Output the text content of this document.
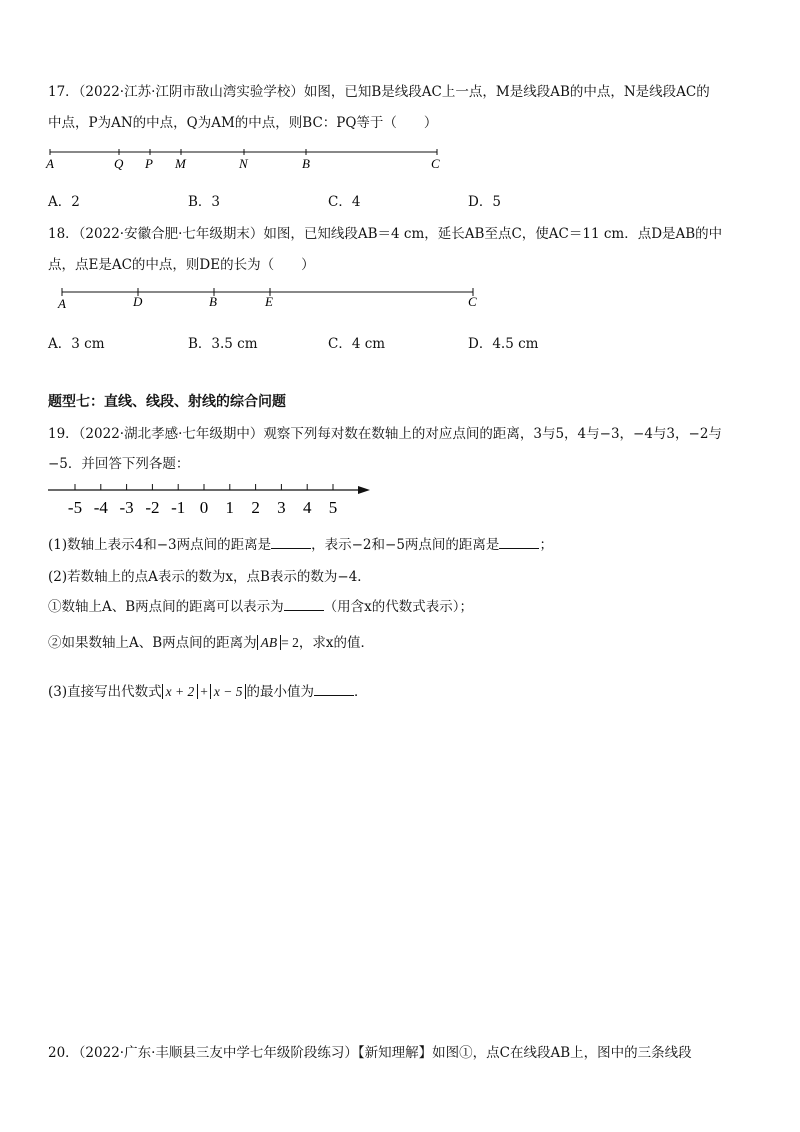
17．（2022·江苏·江阴市敔山湾实验学校）如图，已知B是线段AC上一点，M是线段AB的中点，N是线段AC的
中点，P为AN的中点，Q为AM的中点，则BC：PQ等于（　　）
A	Q P M	N	B	C
A．2	B．3	C．4	D．5
18．（2022·安徽合肥·七年级期末）如图，已知线段AB＝4 cm，延长AB至点C，使AC＝11 cm．点D是AB的中
点，点E是AC的中点，则DE的长为（　　）
A	D	B	E	C
A．3 cm	B．3.5 cm	C．4 cm	D．4.5 cm
题型七：直线、线段、射线的综合问题
19．（2022·湖北孝感·七年级期中）观察下列每对数在数轴上的对应点间的距离，3与5，4与−3，−4与3，−2与
−5．并回答下列各题：
-5 -4 -3 -2 -1 0 1 2 3 4 5
(1)数轴上表示4和−3两点间的距离是	，表示−2和−5两点间的距离是	；
(2)若数轴上的点A表示的数为x，点B表示的数为−4．
①数轴上A、B两点间的距离可以表示为	（用含x的代数式表示）；
②如果数轴上A、B两点间的距离为 AB = 2，求x的值．
(3)直接写出代数式 x + 2 + x − 5 的最小值为	．
20．（2022·广东·丰顺县三友中学七年级阶段练习）【新知理解】如图①，点C在线段AB上，图中的三条线段
